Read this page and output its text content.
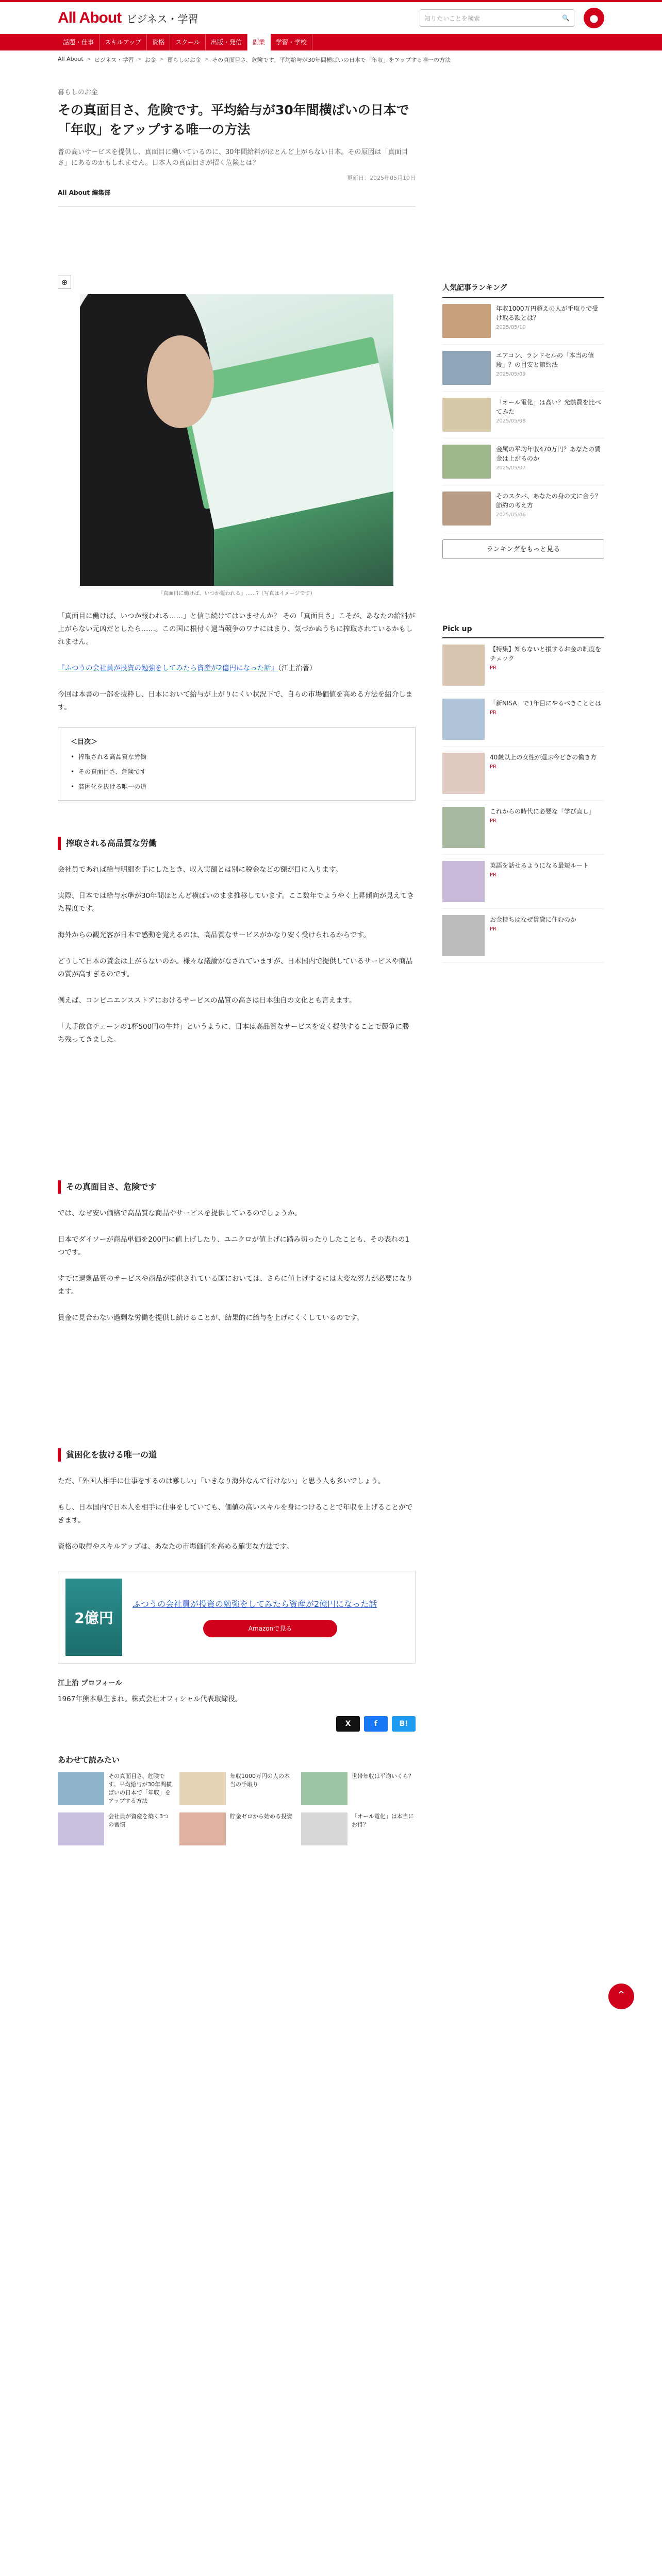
All About ビジネス・学習	知りたいことを検索	🔍	●
話題・仕事	スキルアップ	資格	スクール	出版・発信	副業	学習・学校
All About > ビジネス・学習 > お金 > 暮らしのお金 > その真面目さ、危険です。平均給与が30年間横ばいの日本で「年収」をアップする唯一の方法
暮らしのお金
その真面目さ、危険です。平均給与が30年間横ばいの日本で「年収」をアップする唯一の方法
普の高いサービスを提供し、真面目に働いているのに、30年間給料がほとんど上がらない日本。その原因は「真面目さ」にあるのかもしれません。日本人の真面目さが招く危険とは？
更新日：2025年05月10日
All About 編集部
⊕
『真面目に働けば、いつか報われる』……?（写真はイメージです）

「真面目に働けば、いつか報われる……」と信じ続けてはいませんか？ その「真面目さ」こそが、あなたの給料が上がらない元凶だとしたら……。この国に根付く過当競争のワナにはまり、気づかぬうちに搾取されているかもしれません。

『ふつうの会社員が投資の勉強をしてみたら資産が2億円になった話』（江上治著）

今回は本書の一部を抜粋し、日本において給与が上がりにくい状況下で、自らの市場価値を高める方法を紹介します。

＜目次＞
• 搾取される高品質な労働
• その真面目さ、危険です
• 貧困化を抜ける唯一の道
搾取される高品質な労働

会社員であれば給与明細を手にしたとき、収入実額とは別に税金などの額が目に入ります。

実際、日本では給与水準が30年間ほとんど横ばいのまま推移しています。ここ数年でようやく上昇傾向が見えてきた程度です。

海外からの観光客が日本で感動を覚えるのは、高品質なサービスがかなり安く受けられるからです。

どうして日本の賃金は上がらないのか。様々な議論がなされていますが、日本国内で提供しているサービスや商品の質が高すぎるのです。

例えば、コンビニエンスストアにおけるサービスの品質の高さは日本独自の文化とも言えます。

「大手飲食チェーンの1杯500円の牛丼」というように、日本は高品質なサービスを安く提供することで競争に勝ち残ってきました。

その真面目さ、危険です

では、なぜ安い価格で高品質な商品やサービスを提供しているのでしょうか。

日本でダイソーが商品単価を200円に値上げしたり、ユニクロが値上げに踏み切ったりしたことも、その表れの1つです。

すでに過剰品質のサービスや商品が提供されている国においては、さらに値上げするには大変な努力が必要になります。

賃金に見合わない過剰な労働を提供し続けることが、結果的に給与を上げにくくしているのです。

貧困化を抜ける唯一の道

ただ、「外国人相手に仕事をするのは難しい」「いきなり海外なんて行けない」と思う人も多いでしょう。

もし、日本国内で日本人を相手に仕事をしていても、価値の高いスキルを身につけることで年収を上げることができます。

資格の取得やスキルアップは、あなたの市場価値を高める確実な方法です。

2億円
ふつうの会社員が投資の勉強をしてみたら資産が2億円になった話
Amazonで見る

江上治 プロフィール

1967年熊本県生まれ。株式会社オフィシャル代表取締役。

X	f	B!
あわせて読みたい
その真面目さ、危険です。平均給与が30年間横ばいの日本で「年収」をアップする方法
年収1000万円の人の本当の手取り
世帯年収は平均いくら？
会社員が資産を築く3つの習慣
貯金ゼロから始める投資	「オール電化」は本当にお得？
人気記事ランキング
年収1000万円超えの人が手取りで受け取る額とは？
2025/05/10
エアコン、ランドセルの「本当の値段」？の目安と節約法
2025/05/09
「オール電化」は高い？光熱費を比べてみた
2025/05/08
金属の平均年収470万円？あなたの賃金は上がるのか
2025/05/07
そのスタバ、あなたの身の丈に合う？節約の考え方
2025/05/06
ランキングをもっと見る
Pick up
【特集】知らないと損するお金の制度をチェック
PR
「新NISA」で1年目にやるべきこととは
PR
40歳以上の女性が選ぶ今どきの働き方
PR
これからの時代に必要な「学び直し」
PR
英語を話せるようになる最短ルート
PR
お金持ちはなぜ賃貸に住むのか
PR
⌃
